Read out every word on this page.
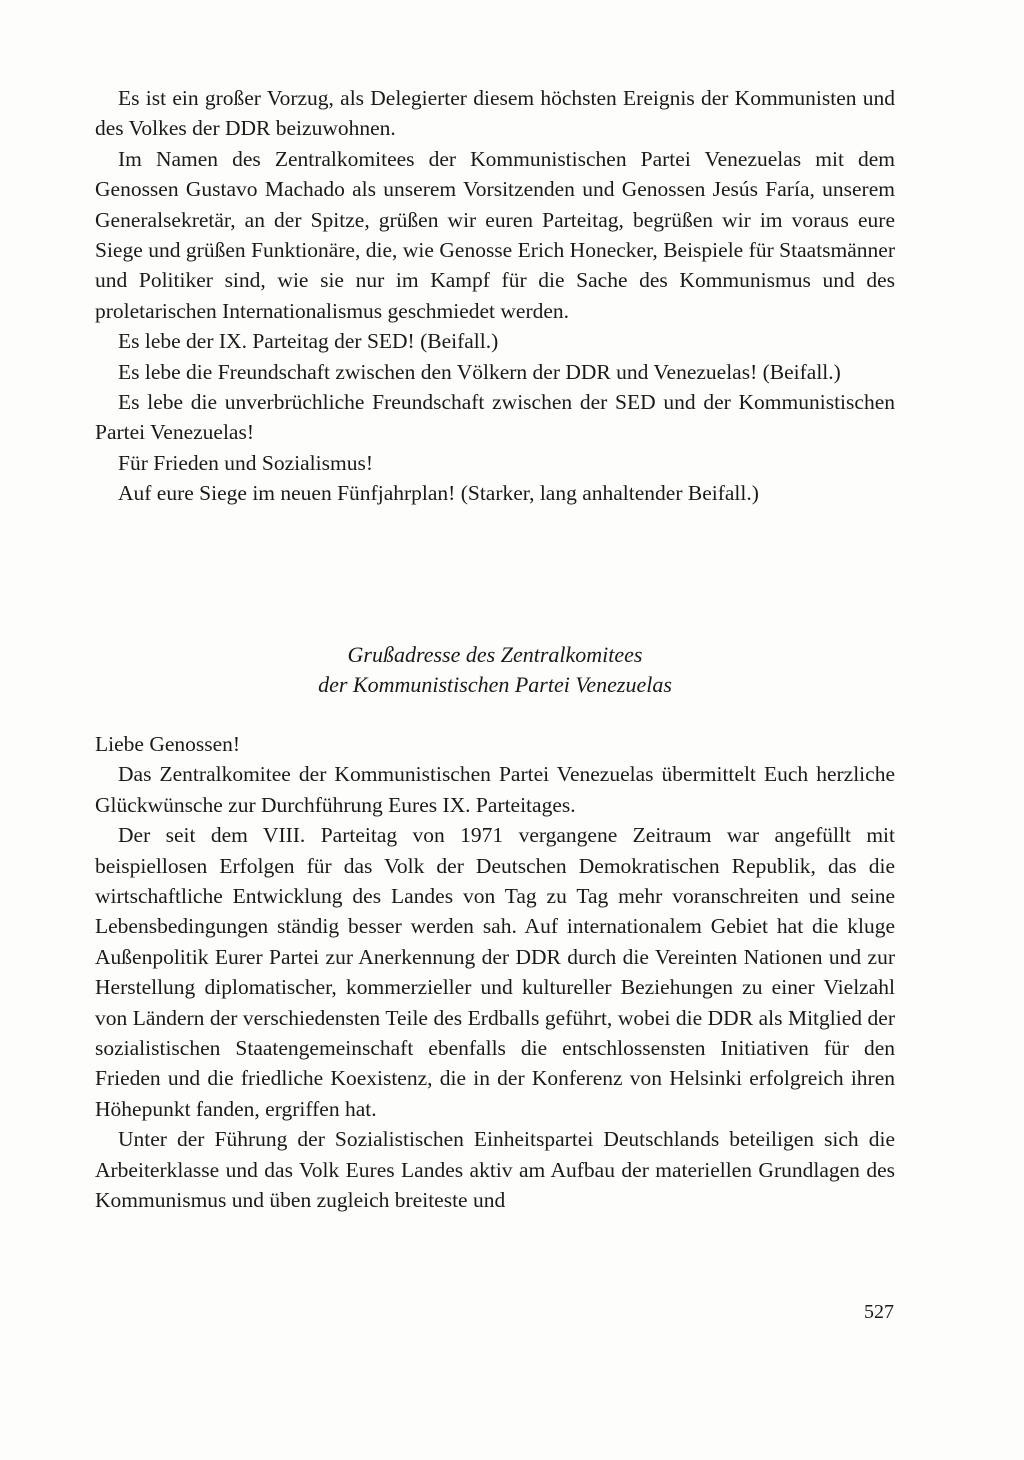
Es ist ein großer Vorzug, als Delegierter diesem höchsten Ereignis der Kommunisten und des Volkes der DDR beizuwohnen.

Im Namen des Zentralkomitees der Kommunistischen Partei Venezuelas mit dem Genossen Gustavo Machado als unserem Vorsitzenden und Genossen Jesús Faría, unserem Generalsekretär, an der Spitze, grüßen wir euren Parteitag, begrüßen wir im voraus eure Siege und grüßen Funktionäre, die, wie Genosse Erich Honecker, Beispiele für Staatsmänner und Politiker sind, wie sie nur im Kampf für die Sache des Kommunismus und des proletarischen Internationalismus geschmiedet werden.

Es lebe der IX. Parteitag der SED! (Beifall.)

Es lebe die Freundschaft zwischen den Völkern der DDR und Venezuelas! (Beifall.)

Es lebe die unverbrüchliche Freundschaft zwischen der SED und der Kommunistischen Partei Venezuelas!

Für Frieden und Sozialismus!

Auf eure Siege im neuen Fünfjahrplan! (Starker, lang anhaltender Beifall.)

Grußadresse des Zentralkomitees
der Kommunistischen Partei Venezuelas

Liebe Genossen!

Das Zentralkomitee der Kommunistischen Partei Venezuelas übermittelt Euch herzliche Glückwünsche zur Durchführung Eures IX. Parteitages.

Der seit dem VIII. Parteitag von 1971 vergangene Zeitraum war angefüllt mit beispiellosen Erfolgen für das Volk der Deutschen Demokratischen Republik, das die wirtschaftliche Entwicklung des Landes von Tag zu Tag mehr voranschreiten und seine Lebensbedingungen ständig besser werden sah. Auf internationalem Gebiet hat die kluge Außenpolitik Eurer Partei zur Anerkennung der DDR durch die Vereinten Nationen und zur Herstellung diplomatischer, kommerzieller und kultureller Beziehungen zu einer Vielzahl von Ländern der verschiedensten Teile des Erdballs geführt, wobei die DDR als Mitglied der sozialistischen Staatengemeinschaft ebenfalls die entschlossensten Initiativen für den Frieden und die friedliche Koexistenz, die in der Konferenz von Helsinki erfolgreich ihren Höhepunkt fanden, ergriffen hat.

Unter der Führung der Sozialistischen Einheitspartei Deutschlands beteiligen sich die Arbeiterklasse und das Volk Eures Landes aktiv am Aufbau der materiellen Grundlagen des Kommunismus und üben zugleich breiteste und

527
